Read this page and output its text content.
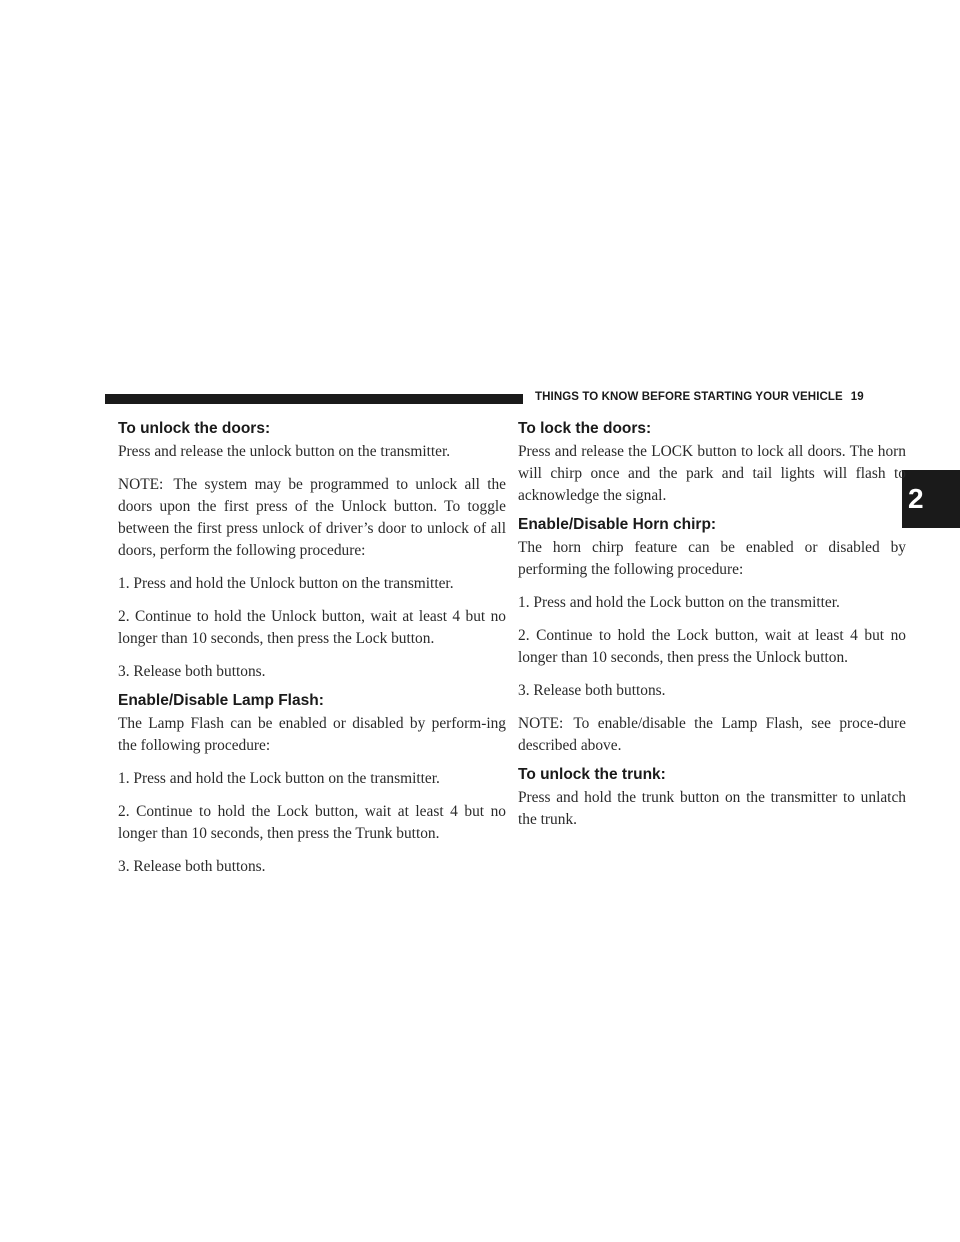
THINGS TO KNOW BEFORE STARTING YOUR VEHICLE 19
2
To unlock the doors:

Press and release the unlock button on the transmitter.

NOTE: The system may be programmed to unlock all the doors upon the first press of the Unlock button. To toggle between the first press unlock of driver’s door to unlock of all doors, perform the following procedure:

1. Press and hold the Unlock button on the transmitter.

2. Continue to hold the Unlock button, wait at least 4 but no longer than 10 seconds, then press the Lock button.

3. Release both buttons.

Enable/Disable Lamp Flash:

The Lamp Flash can be enabled or disabled by perform-ing the following procedure:

1. Press and hold the Lock button on the transmitter.

2. Continue to hold the Lock button, wait at least 4 but no longer than 10 seconds, then press the Trunk button.

3. Release both buttons.

To lock the doors:

Press and release the LOCK button to lock all doors. The horn will chirp once and the park and tail lights will flash to acknowledge the signal.

Enable/Disable Horn chirp:

The horn chirp feature can be enabled or disabled by performing the following procedure:

1. Press and hold the Lock button on the transmitter.

2. Continue to hold the Lock button, wait at least 4 but no longer than 10 seconds, then press the Unlock button.

3. Release both buttons.

NOTE: To enable/disable the Lamp Flash, see proce-dure described above.

To unlock the trunk:

Press and hold the trunk button on the transmitter to unlatch the trunk.
